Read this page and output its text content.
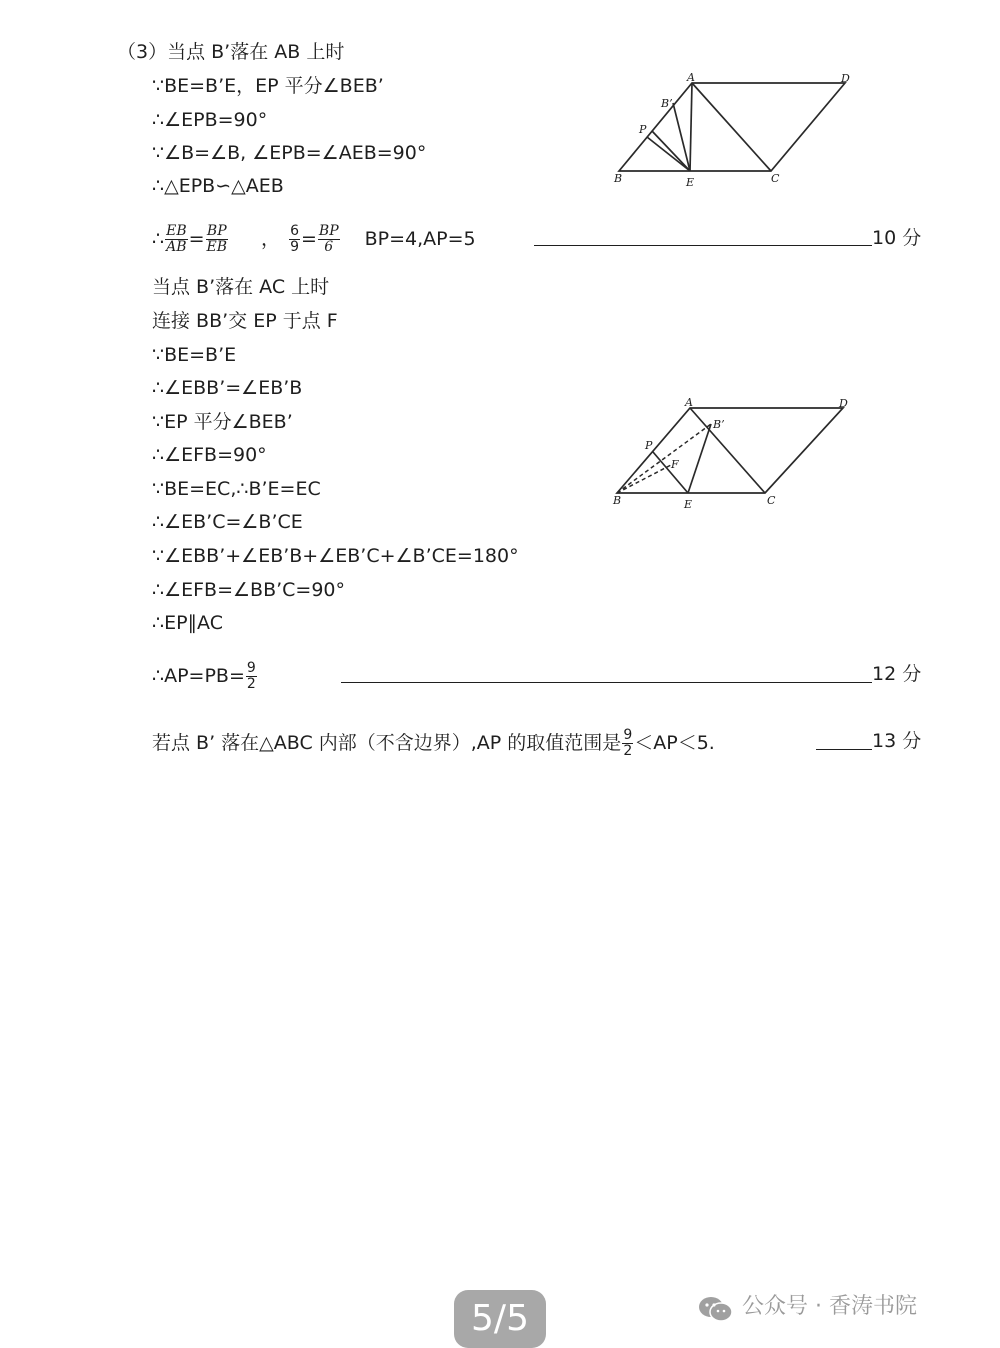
（3）当点 B’落在 AB 上时
∵BE=B’E，EP 平分∠BEB’
∴∠EPB=90°
∵∠B=∠B, ∠EPB=∠AEB=90°
∴△EPB∽△AEB
∴ $\frac{EB}{AB} = \frac{BP}{EB}$ ， $\frac{6}{9} = \frac{BP}{6} BP=4,AP=5$	10 分
A
B’
P
B	E	C
D
当点 B’落在 AC 上时
连接 BB’交 EP 于点 F
∵BE=B’E
∴∠EBB’=∠EB’B
∵EP 平分∠BEB’
∴∠EFB=90°
∵BE=EC,∴B’E=EC
∴∠EB’C=∠B’CE
∵∠EBB’+∠EB’B+∠EB’C+∠B’CE=180°
∴∠EFB=∠BB’C=90°
∴EP∥AC
∴AP=PB= $\frac{9}{2}$	12 分
A
B’
P
F
B	E	C
D
若点 B’ 落在△ABC 内部（不含边界）,AP 的取值范围是 $\frac{9}{2} <AP<5$.	13 分
5/5	公众号 · 香涛书院
